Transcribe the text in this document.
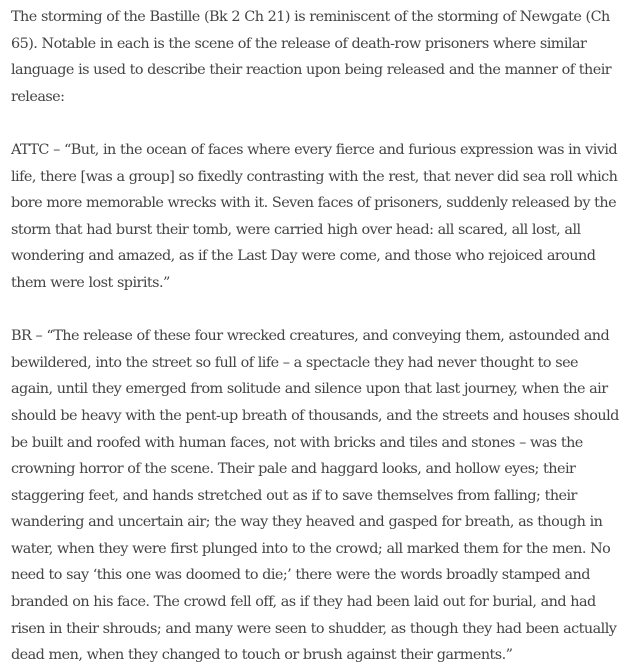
The storming of the Bastille (Bk 2 Ch 21) is reminiscent of the storming of Newgate (Ch
65). Notable in each is the scene of the release of death-row prisoners where similar
language is used to describe their reaction upon being released and the manner of their
release:

ATTC – “But, in the ocean of faces where every fierce and furious expression was in vivid
life, there [was a group] so fixedly contrasting with the rest, that never did sea roll which
bore more memorable wrecks with it. Seven faces of prisoners, suddenly released by the
storm that had burst their tomb, were carried high over head: all scared, all lost, all
wondering and amazed, as if the Last Day were come, and those who rejoiced around
them were lost spirits.”

BR – “The release of these four wrecked creatures, and conveying them, astounded and
bewildered, into the street so full of life – a spectacle they had never thought to see
again, until they emerged from solitude and silence upon that last journey, when the air
should be heavy with the pent-up breath of thousands, and the streets and houses should
be built and roofed with human faces, not with bricks and tiles and stones – was the
crowning horror of the scene. Their pale and haggard looks, and hollow eyes; their
staggering feet, and hands stretched out as if to save themselves from falling; their
wandering and uncertain air; the way they heaved and gasped for breath, as though in
water, when they were first plunged into to the crowd; all marked them for the men. No
need to say ‘this one was doomed to die;’ there were the words broadly stamped and
branded on his face. The crowd fell off, as if they had been laid out for burial, and had
risen in their shrouds; and many were seen to shudder, as though they had been actually
dead men, when they changed to touch or brush against their garments.”
